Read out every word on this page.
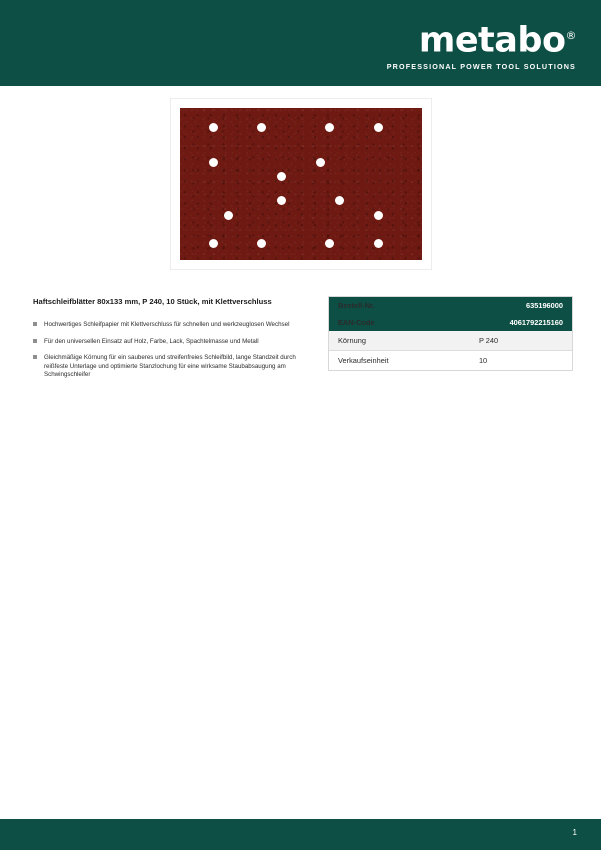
metabo®
PROFESSIONAL POWER TOOL SOLUTIONS

Haftschleifblätter 80x133 mm, P 240, 10 Stück, mit Klettverschluss

Hochwertiges Schleifpapier mit Klettverschluss für schnellen und werkzeuglosen Wechsel
Für den universellen Einsatz auf Holz, Farbe, Lack, Spachtelmasse und Metall
Gleichmäßige Körnung für ein sauberes und streifenfreies Schleifbild, lange Standzeit durch reißfeste Unterlage und optimierte Stanzlochung für eine wirksame Staubabsaugung am Schwingschleifer
Bestell-Nr.	635196000
EAN-Code	4061792215160
Körnung	P 240
Verkaufseinheit	10
1
